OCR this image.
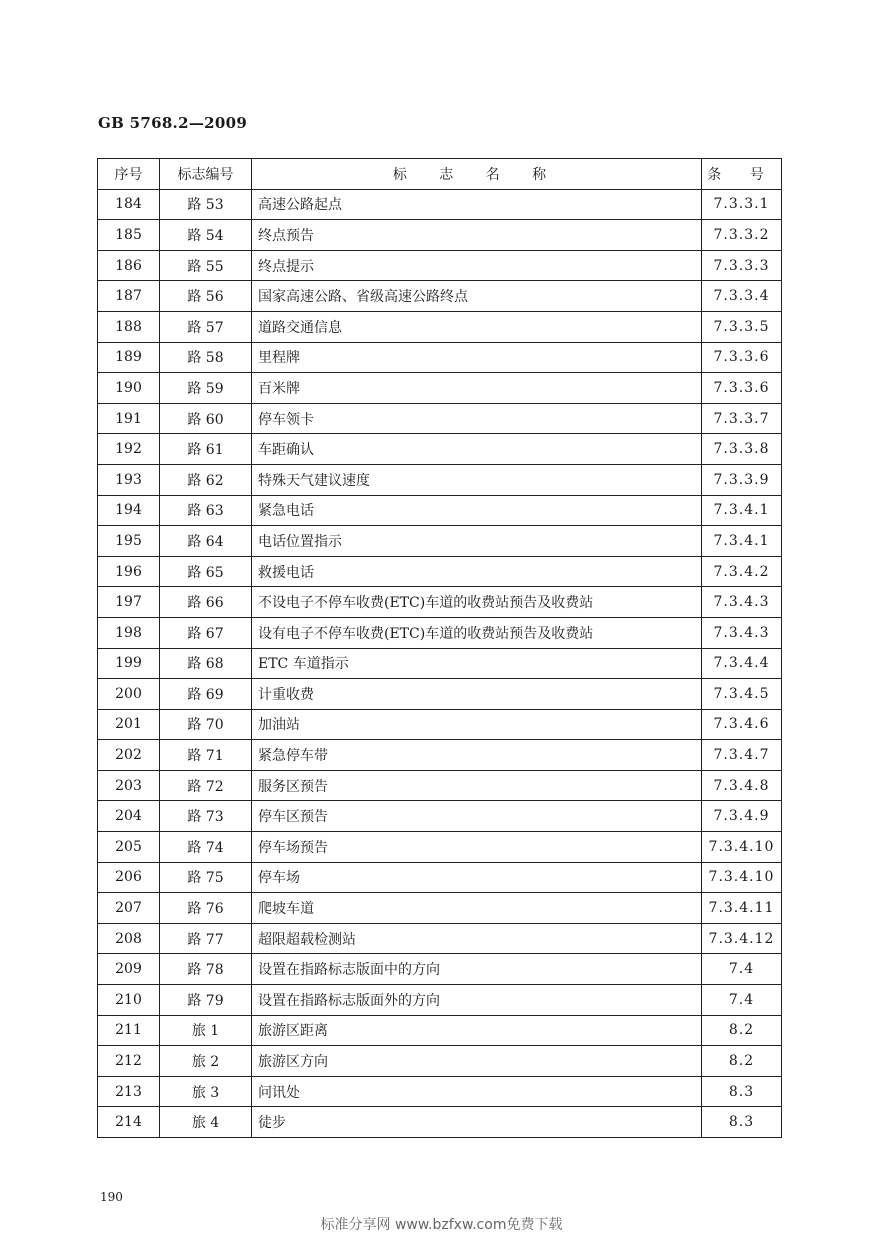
GB 5768.2—2009
序号	标志编号	标 志 名 称	条 号
184	路 53	高速公路起点	7.3.3.1
185	路 54	终点预告	7.3.3.2
186	路 55	终点提示	7.3.3.3
187	路 56	国家高速公路、省级高速公路终点	7.3.3.4
188	路 57	道路交通信息	7.3.3.5
189	路 58	里程牌	7.3.3.6
190	路 59	百米牌	7.3.3.6
191	路 60	停车领卡	7.3.3.7
192	路 61	车距确认	7.3.3.8
193	路 62	特殊天气建议速度	7.3.3.9
194	路 63	紧急电话	7.3.4.1
195	路 64	电话位置指示	7.3.4.1
196	路 65	救援电话	7.3.4.2
197	路 66	不设电子不停车收费(ETC)车道的收费站预告及收费站	7.3.4.3
198	路 67	设有电子不停车收费(ETC)车道的收费站预告及收费站	7.3.4.3
199	路 68	ETC 车道指示	7.3.4.4
200	路 69	计重收费	7.3.4.5
201	路 70	加油站	7.3.4.6
202	路 71	紧急停车带	7.3.4.7
203	路 72	服务区预告	7.3.4.8
204	路 73	停车区预告	7.3.4.9
205	路 74	停车场预告	7.3.4.10
206	路 75	停车场	7.3.4.10
207	路 76	爬坡车道	7.3.4.11
208	路 77	超限超载检测站	7.3.4.12
209	路 78	设置在指路标志版面中的方向	7.4
210	路 79	设置在指路标志版面外的方向	7.4
211	旅 1	旅游区距离	8.2
212	旅 2	旅游区方向	8.2
213	旅 3	问讯处	8.3
214	旅 4	徒步	8.3
190
标准分享网 www.bzfxw.com免费下载
